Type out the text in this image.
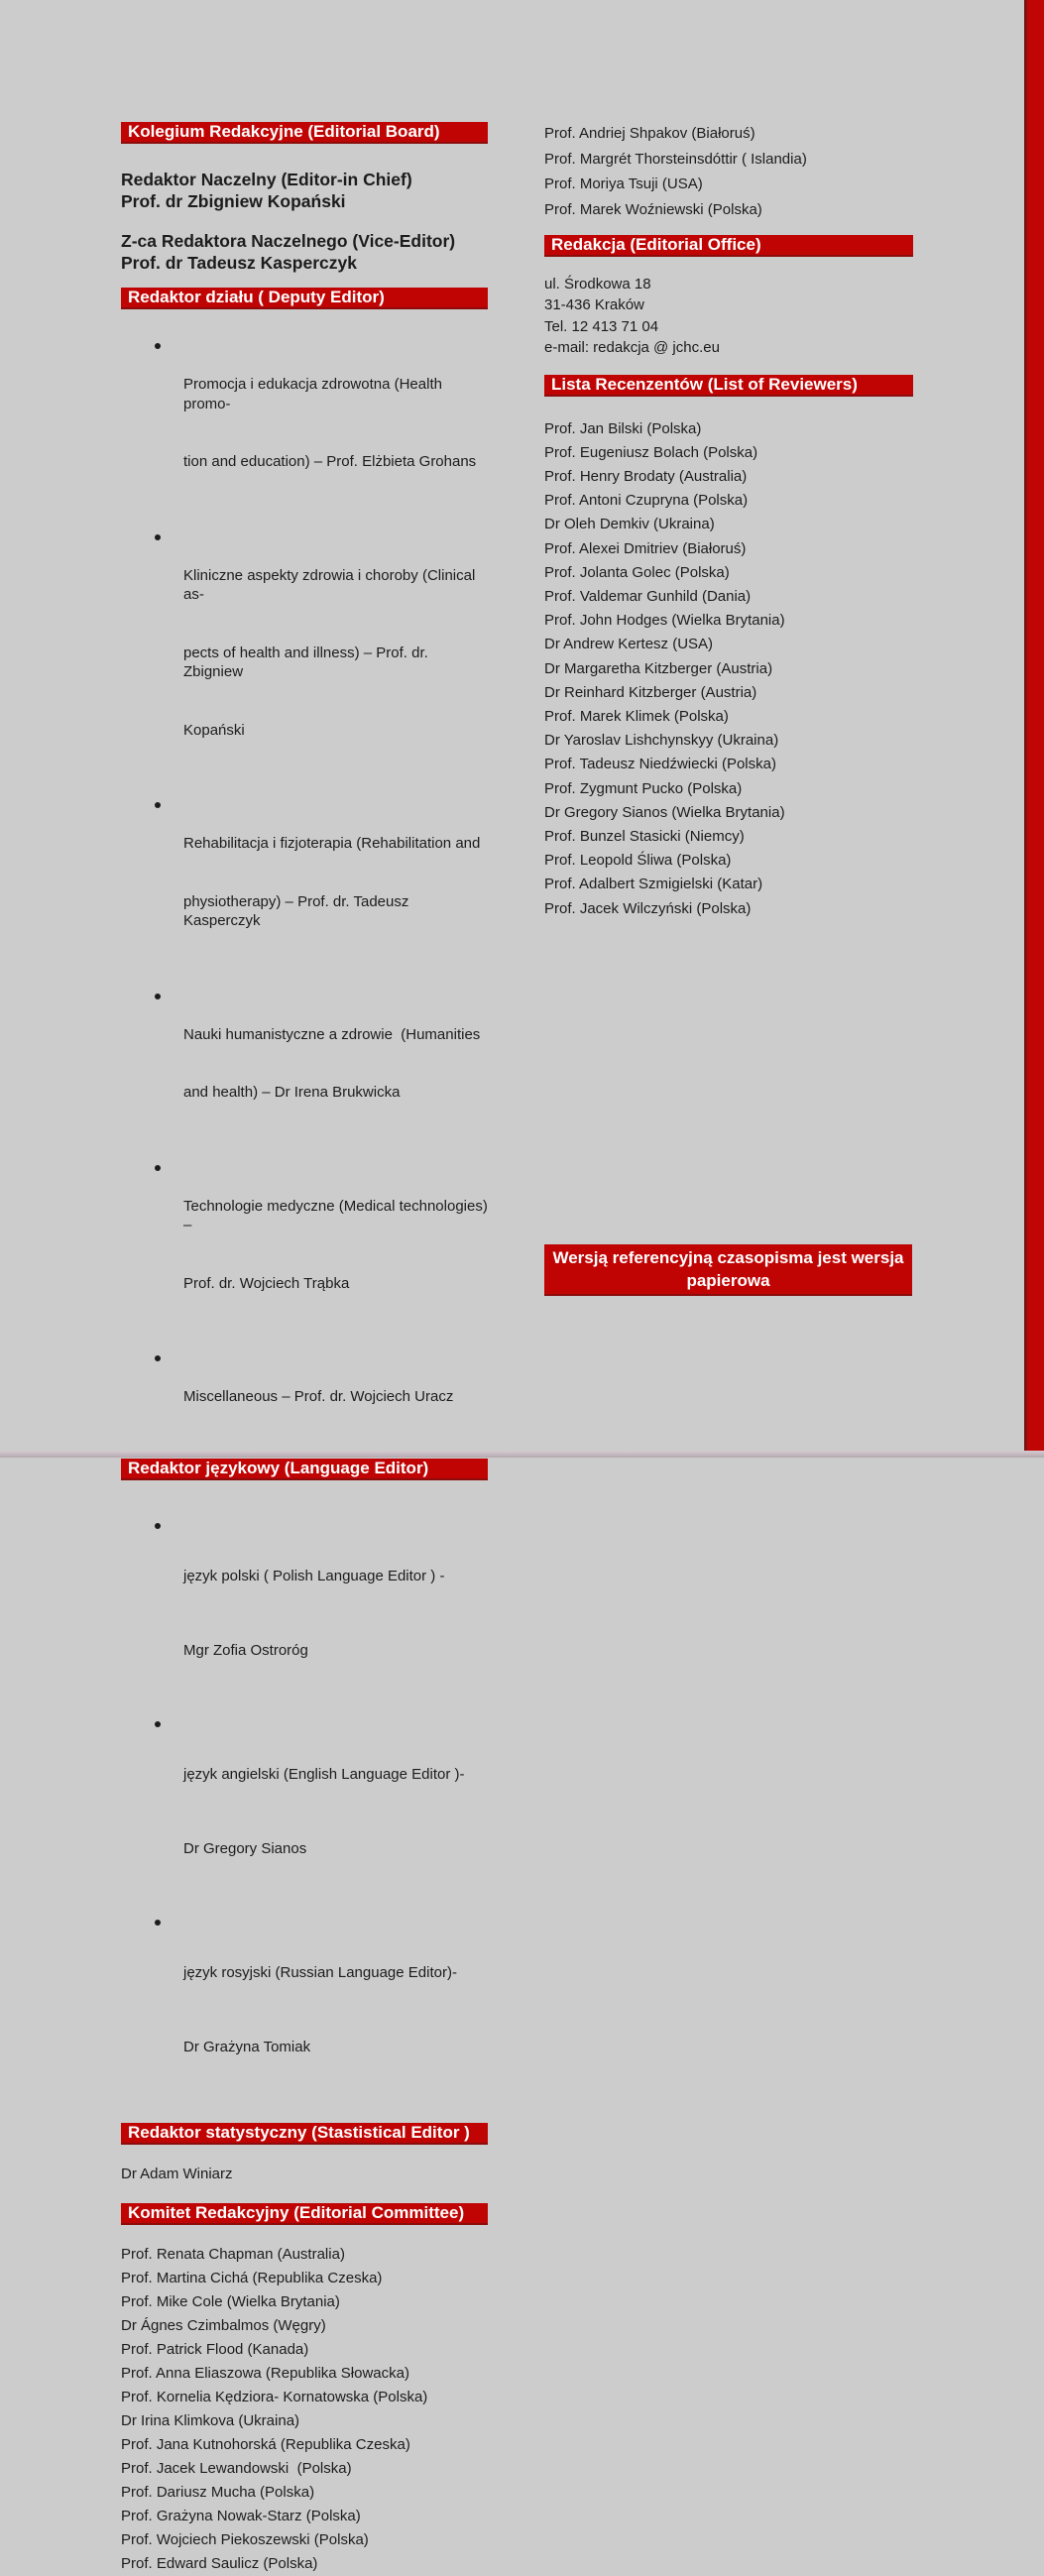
Kolegium Redakcyjne (Editorial Board)
Redaktor Naczelny (Editor-in Chief)
Prof. dr Zbigniew Kopański
Z-ca Redaktora Naczelnego (Vice-Editor)
Prof. dr Tadeusz Kasperczyk
Redaktor działu ( Deputy Editor)

Promocja i edukacja zdrowotna (Health promo-

tion and education) – Prof. Elżbieta Grohans

Kliniczne aspekty zdrowia i choroby (Clinical as-

pects of health and illness) – Prof. dr. Zbigniew

Kopański

Rehabilitacja i fizjoterapia (Rehabilitation and

physiotherapy) – Prof. dr. Tadeusz Kasperczyk

Nauki humanistyczne a zdrowie  (Humanities

and health) – Dr Irena Brukwicka

Technologie medyczne (Medical technologies) –

Prof. dr. Wojciech Trąbka

Miscellaneous – Prof. dr. Wojciech Uracz

Redaktor językowy (Language Editor)

język polski ( Polish Language Editor ) -

Mgr Zofia Ostroróg

język angielski (English Language Editor )-

Dr Gregory Sianos

język rosyjski (Russian Language Editor)-

Dr Grażyna Tomiak

Redaktor statystyczny (Stastistical Editor )
Dr Adam Winiarz
Komitet Redakcyjny (Editorial Committee)
Prof. Renata Chapman (Australia)
Prof. Martina Cichá (Republika Czeska)
Prof. Mike Cole (Wielka Brytania)
Dr Ágnes Czimbalmos (Węgry)
Prof. Patrick Flood (Kanada)
Prof. Anna Eliaszowa (Republika Słowacka)
Prof. Kornelia Kędziora- Kornatowska (Polska)
Dr Irina Klimkova (Ukraina)
Prof. Jana Kutnohorská (Republika Czeska)
Prof. Jacek Lewandowski  (Polska)
Prof. Dariusz Mucha (Polska)
Prof. Grażyna Nowak-Starz (Polska)
Prof. Wojciech Piekoszewski (Polska)
Prof. Edward Saulicz (Polska)
Prof. Andriej Shpakov (Białoruś)
Prof. Margrét Thorsteinsdóttir ( Islandia)
Prof. Moriya Tsuji (USA)
Prof. Marek Woźniewski (Polska)
Redakcja (Editorial Office)
ul. Środkowa 18
31-436 Kraków
Tel. 12 413 71 04
e-mail: redakcja @ jchc.eu
Lista Recenzentów (List of Reviewers)
Prof. Jan Bilski (Polska)
Prof. Eugeniusz Bolach (Polska)
Prof. Henry Brodaty (Australia)
Prof. Antoni Czupryna (Polska)
Dr Oleh Demkiv (Ukraina)
Prof. Alexei Dmitriev (Białoruś)
Prof. Jolanta Golec (Polska)
Prof. Valdemar Gunhild (Dania)
Prof. John Hodges (Wielka Brytania)
Dr Andrew Kertesz (USA)
Dr Margaretha Kitzberger (Austria)
Dr Reinhard Kitzberger (Austria)
Prof. Marek Klimek (Polska)
Dr Yaroslav Lishchynskyy (Ukraina)
Prof. Tadeusz Niedźwiecki (Polska)
Prof. Zygmunt Pucko (Polska)
Dr Gregory Sianos (Wielka Brytania)
Prof. Bunzel Stasicki (Niemcy)
Prof. Leopold Śliwa (Polska)
Prof. Adalbert Szmigielski (Katar)
Prof. Jacek Wilczyński (Polska)
Wersją referencyjną czasopisma jest wersja papierowa
